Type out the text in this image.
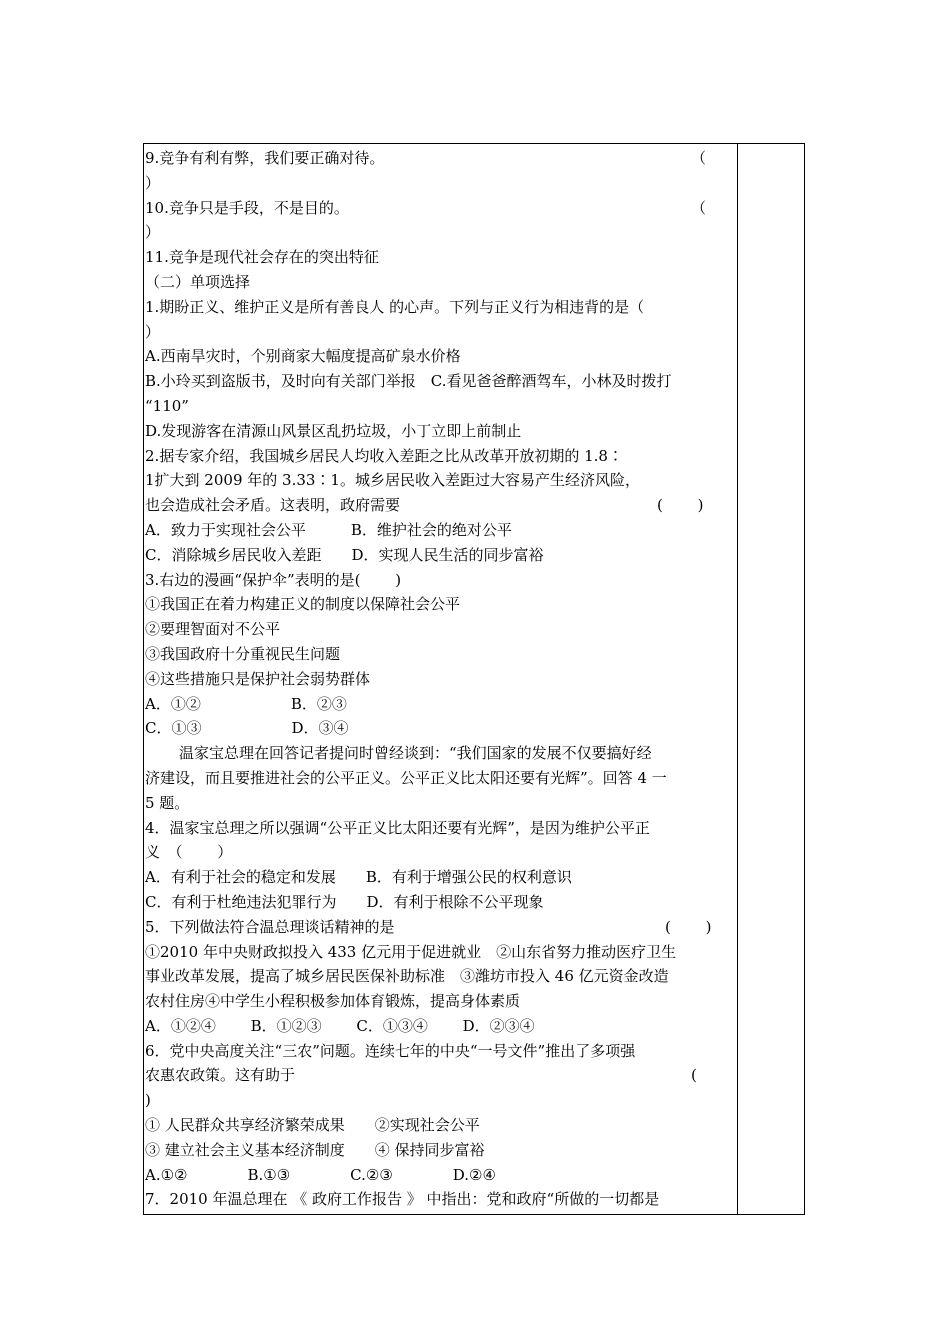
9.竞争有利有弊，我们要正确对待。	（
）
10.竞争只是手段，不是目的。	（
）
11.竞争是现代社会存在的突出特征
（二）单项选择
1.期盼正义、维护正义是所有善良人 的心声。下列与正义行为相违背的是（
）
A.西南旱灾时，个别商家大幅度提高矿泉水价格
B.小玲买到盗版书，及时向有关部门举报　C.看见爸爸醉酒驾车，小林及时拨打
“110”
D.发现游客在清源山风景区乱扔垃圾，小丁立即上前制止
2.据专家介绍，我国城乡居民人均收入差距之比从改革开放初期的 1.8∶
1扩大到 2009 年的 3.33∶1。城乡居民收入差距过大容易产生经济风险，
也会造成社会矛盾。这表明，政府需要	(　　 )
A．致力于实现社会公平　　　B．维护社会的绝对公平
C．消除城乡居民收入差距　　D．实现人民生活的同步富裕
3.右边的漫画“保护伞”表明的是(　　 )
①我国正在着力构建正义的制度以保障社会公平
②要理智面对不公平
③我国政府十分重视民生问题
④这些措施只是保护社会弱势群体
A．①②　　　　　　B．②③
C．①③　　　　　　D．③④
温家宝总理在回答记者提问时曾经谈到：“我们国家的发展不仅要搞好经
济建设，而且要推进社会的公平正义。公平正义比太阳还要有光辉”。回答 4 一
5 题。
4．温家宝总理之所以强调“公平正义比太阳还要有光辉”，是因为维护公平正
义　（　　 ）
A．有利于社会的稳定和发展　　B．有利于增强公民的权利意识
C．有利于杜绝违法犯罪行为　　D．有利于根除不公平现象
5．下列做法符合温总理谈话精神的是	(　　 )
①2010 年中央财政拟投入 433 亿元用于促进就业　②山东省努力推动医疗卫生
事业改革发展，提高了城乡居民医保补助标准　③潍坊市投入 46 亿元资金改造
农村住房④中学生小程积极参加体育锻炼，提高身体素质
A．①②④　　 B．①②③　　 C．①③④　　 D．②③④
6．党中央高度关注“三农”问题。连续七年的中央“一号文件”推出了多项强
农惠农政策。这有助于	(
)
① 人民群众共享经济繁荣成果　　②实现社会公平
③ 建立社会主义基本经济制度　　④ 保持同步富裕
A.①②　　　　B.①③　　　　C.②③　　　　D.②④
7．2010 年温总理在 《 政府工作报告 》 中指出：党和政府“所做的一切都是
